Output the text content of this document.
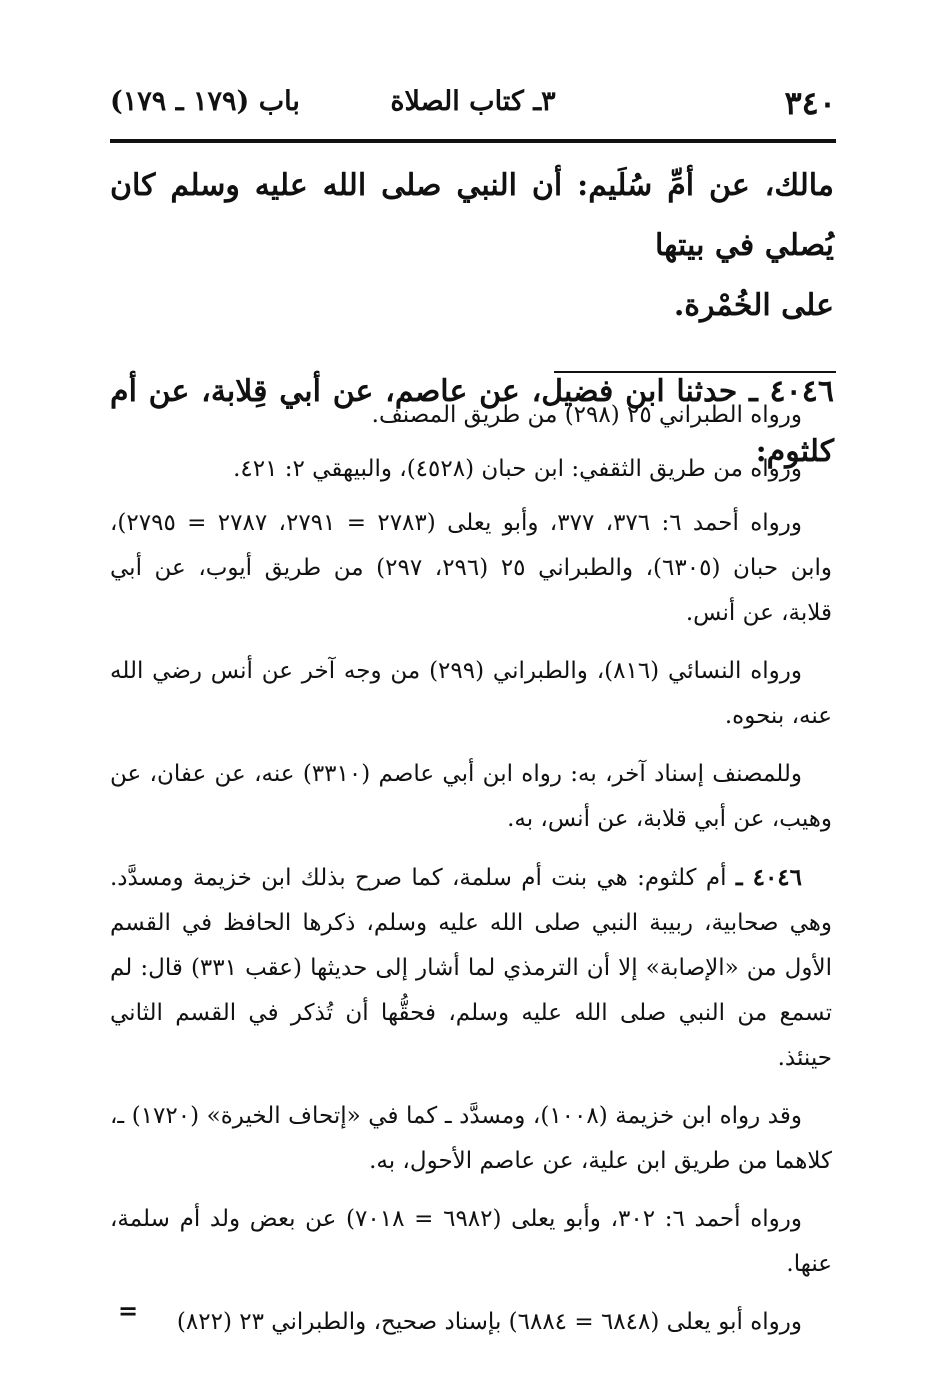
٣٤٠
٣ـ كتاب الصلاة
باب (١٧٩ ـ ١٧٩)

مالك، عن أمِّ سُلَيم: أن النبي صلى الله عليه وسلم كان يُصلي في بيتها
على الخُمْرة.

٤٠٤٦ ـ حدثنا ابن فضيل، عن عاصم، عن أبي قِلابة، عن أم كلثوم:

ورواه الطبراني ٢٥ (٢٩٨) من طريق المصنف.

ورواه من طريق الثقفي: ابن حبان (٤٥٢٨)، والبيهقي ٢: ٤٢١.

ورواه أحمد ٦: ٣٧٦، ٣٧٧، وأبو يعلى (٢٧٨٣ = ٢٧٩١، ٢٧٨٧ = ٢٧٩٥)، وابن حبان (٦٣٠٥)، والطبراني ٢٥ (٢٩٦، ٢٩٧) من طريق أيوب، عن أبي قلابة، عن أنس.

ورواه النسائي (٨١٦)، والطبراني (٢٩٩) من وجه آخر عن أنس رضي الله عنه، بنحوه.

وللمصنف إسناد آخر، به: رواه ابن أبي عاصم (٣٣١٠) عنه، عن عفان، عن وهيب، عن أبي قلابة، عن أنس، به.

٤٠٤٦ ـ أم كلثوم: هي بنت أم سلمة، كما صرح بذلك ابن خزيمة ومسدَّد. وهي صحابية، ربيبة النبي صلى الله عليه وسلم، ذكرها الحافظ في القسم الأول من «الإصابة» إلا أن الترمذي لما أشار إلى حديثها (عقب ٣٣١) قال: لم تسمع من النبي صلى الله عليه وسلم، فحقُّها أن تُذكر في القسم الثاني حينئذ.

وقد رواه ابن خزيمة (١٠٠٨)، ومسدَّد ـ كما في «إتحاف الخيرة» (١٧٢٠) ـ، كلاهما من طريق ابن علية، عن عاصم الأحول، به.

ورواه أحمد ٦: ٣٠٢، وأبو يعلى (٦٩٨٢ = ٧٠١٨) عن بعض ولد أم سلمة، عنها.

ورواه أبو يعلى (٦٨٤٨ = ٦٨٨٤) بإسناد صحيح، والطبراني ٢٣ (٨٢٢)

=
